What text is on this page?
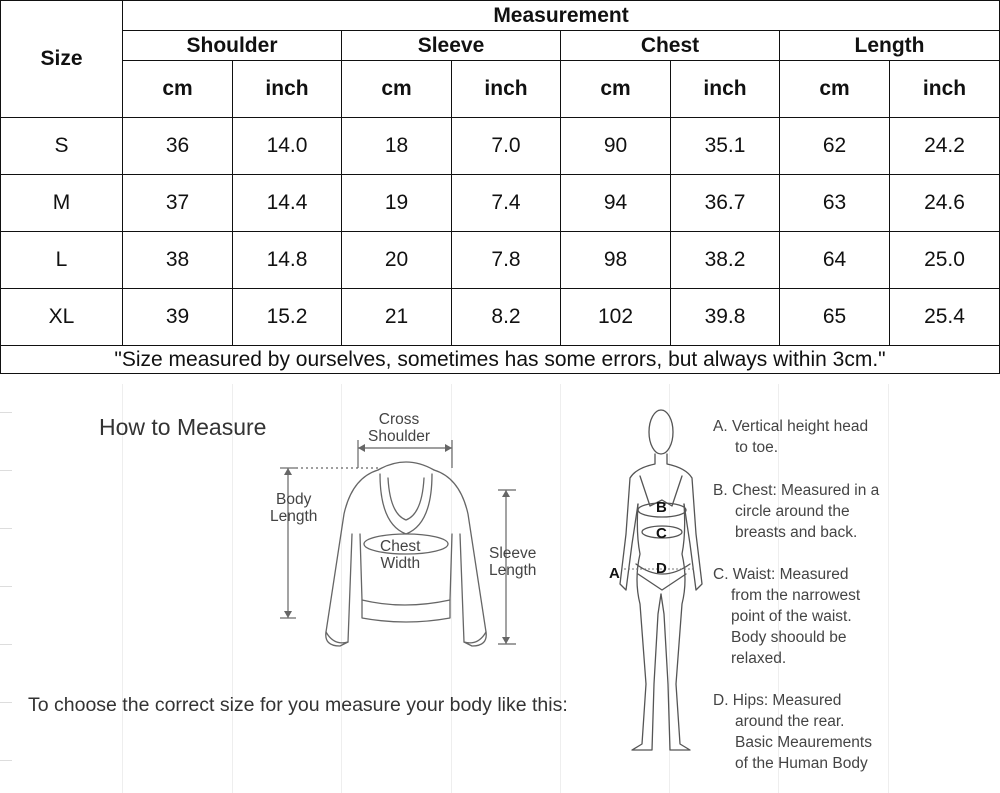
Size	Measurement							
	Shoulder		Sleeve		Chest		Length	
	cm	inch	cm	inch	cm	inch	cm	inch
S	36	14.0	18	7.0	90	35.1	62	24.2
M	37	14.4	19	7.4	94	36.7	63	24.6
L	38	14.8	20	7.8	98	38.2	64	25.0
XL	39	15.2	21	8.2	102	39.8	65	25.4
"Size measured by ourselves, sometimes has some errors, but always within 3cm."								
How to Measure	Cross
Shoulder
Body
Length
Chest
Width
Sleeve
Length
To choose the correct size for you measure your body like this:
A
B
C
D
A. Vertical height head
to toe.
B. Chest: Measured in a
circle around the
breasts and back.
C. Waist: Measured
from the narrowest
point of the waist.
Body shoould be
relaxed.
D. Hips: Measured
around the rear.
Basic Meaurements
of the Human Body
